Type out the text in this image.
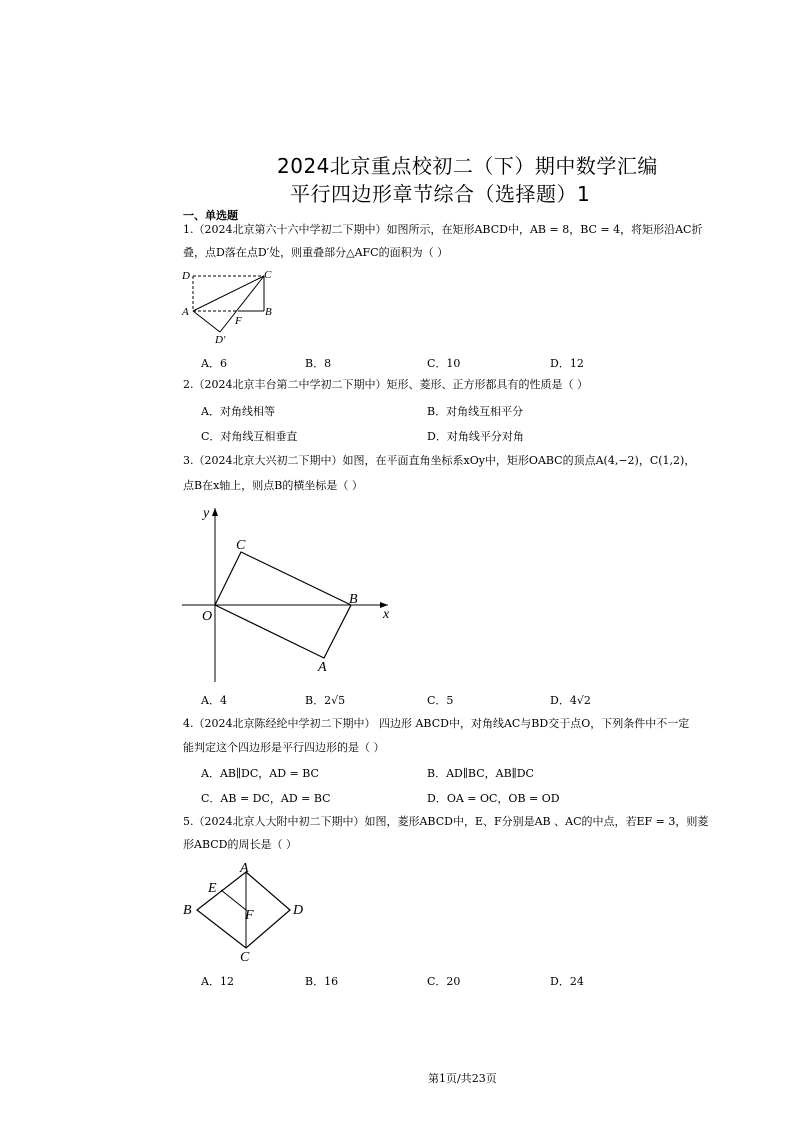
2024北京重点校初二（下）期中数学汇编
平行四边形章节综合（选择题）1
一、单选题
1.（2024北京第六十六中学初二下期中）如图所示，在矩形ABCD中，AB = 8，BC = 4，将矩形沿AC折
叠，点D落在点D′处，则重叠部分△AFC的面积为（ ）
D	C
A	B
F
D′
A．6	B．8	C．10	D．12
2.（2024北京丰台第二中学初二下期中）矩形、菱形、正方形都具有的性质是（ ）
A．对角线相等	B．对角线互相平分
C．对角线互相垂直	D．对角线平分对角
3.（2024北京大兴初二下期中）如图，在平面直角坐标系xOy中，矩形OABC的顶点A(4,−2)，C(1,2)，
点B在x轴上，则点B的横坐标是（ ）
y
C
B
x
O
A
A．4	B．2√5	C．5	D．4√2
4.（2024北京陈经纶中学初二下期中） 四边形 ABCD中，对角线AC与BD交于点O，下列条件中不一定
能判定这个四边形是平行四边形的是（ ）
A．AB∥DC，AD = BC	B．AD∥BC，AB∥DC
C．AB = DC，AD = BC	D．OA = OC，OB = OD
5.（2024北京人大附中初二下期中）如图，菱形ABCD中，E、F分别是AB 、AC的中点，若EF = 3，则菱
形ABCD的周长是（ ）
A
E
B	F	D
C
A．12	B．16	C．20	D．24
第1页/共23页
